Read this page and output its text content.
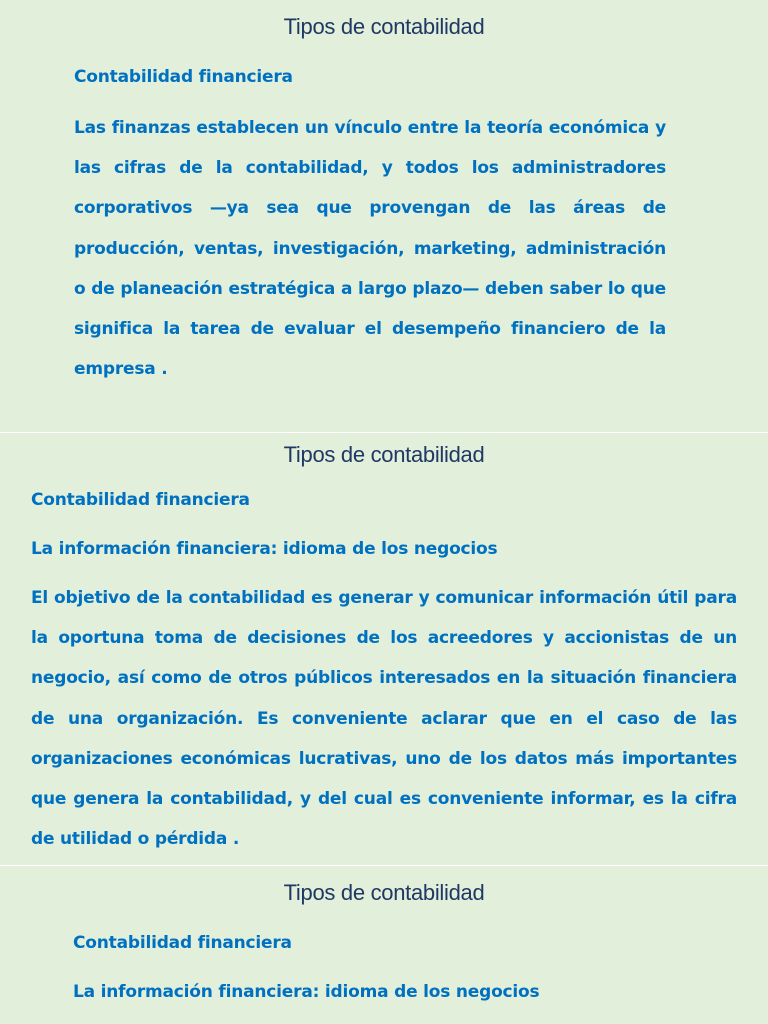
Tipos de contabilidad
Contabilidad financiera
Las finanzas establecen un vínculo entre la teoría económica y las cifras de la contabilidad, y todos los administradores corporativos —ya sea que provengan de las áreas de producción, ventas, investigación, marketing, administración o de planeación estratégica a largo plazo— deben saber lo que significa la tarea de evaluar el desempeño financiero de la empresa .
Tipos de contabilidad
Contabilidad financiera
La información financiera: idioma de los negocios
El objetivo de la contabilidad es generar y comunicar información útil para la oportuna toma de decisiones de los acreedores y accionistas de un negocio, así como de otros públicos interesados en la situación financiera de una organización. Es conveniente aclarar que en el caso de las organizaciones económicas lucrativas, uno de los datos más importantes que genera la contabilidad, y del cual es conveniente informar, es la cifra de utilidad o pérdida .
Tipos de contabilidad
Contabilidad financiera
La información financiera: idioma de los negocios
